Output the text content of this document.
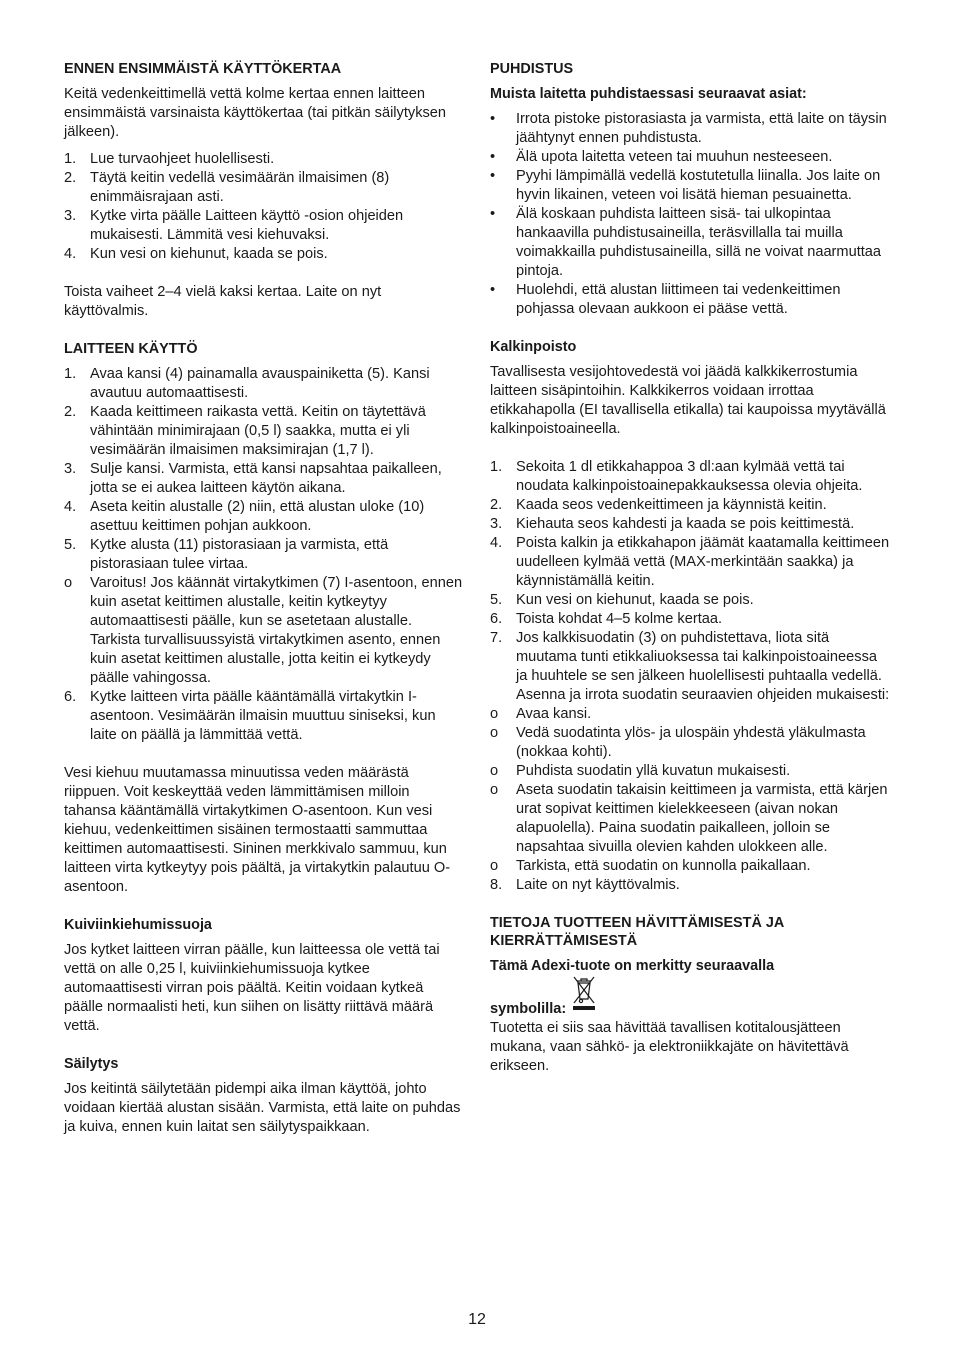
ENNEN ENSIMMÄISTÄ KÄYTTÖKERTAA

Keitä vedenkeittimellä vettä kolme kertaa ennen laitteen ensimmäistä varsinaista käyttökertaa (tai pitkän säilytyksen jälkeen).

1. Lue turvaohjeet huolellisesti.
2. Täytä keitin vedellä vesimäärän ilmaisimen (8) enimmäisrajaan asti.
3. Kytke virta päälle Laitteen käyttö -osion ohjeiden mukaisesti. Lämmitä vesi kiehuvaksi.
4. Kun vesi on kiehunut, kaada se pois.

Toista vaiheet 2–4 vielä kaksi kertaa. Laite on nyt käyttövalmis.

LAITTEEN KÄYTTÖ
1. Avaa kansi (4) painamalla avauspainiketta (5). Kansi avautuu automaattisesti.
2. Kaada keittimeen raikasta vettä. Keitin on täytettävä vähintään minimirajaan (0,5 l) saakka, mutta ei yli vesimäärän ilmaisimen maksimirajan (1,7 l).
3. Sulje kansi. Varmista, että kansi napsahtaa paikalleen, jotta se ei aukea laitteen käytön aikana.
4. Aseta keitin alustalle (2) niin, että alustan uloke (10) asettuu keittimen pohjan aukkoon.
5. Kytke alusta (11) pistorasiaan ja varmista, että pistorasiaan tulee virtaa.
o	Varoitus! Jos käännät virtakytkimen (7) I-asentoon, ennen kuin asetat keittimen alustalle, keitin kytkeytyy automaattisesti päälle, kun se asetetaan alustalle. Tarkista turvallisuussyistä virtakytkimen asento, ennen kuin asetat keittimen alustalle, jotta keitin ei kytkeydy päälle vahingossa.
6. Kytke laitteen virta päälle kääntämällä virtakytkin I-asentoon. Vesimäärän ilmaisin muuttuu siniseksi, kun laite on päällä ja lämmittää vettä.

Vesi kiehuu muutamassa minuutissa veden määrästä riippuen. Voit keskeyttää veden lämmittämisen milloin tahansa kääntämällä virtakytkimen O-asentoon. Kun vesi kiehuu, vedenkeittimen sisäinen termostaatti sammuttaa keittimen automaattisesti. Sininen merkkivalo sammuu, kun laitteen virta kytkeytyy pois päältä, ja virtakytkin palautuu O-asentoon.

Kuiviinkiehumissuoja

Jos kytket laitteen virran päälle, kun laitteessa ole vettä tai vettä on alle 0,25 l, kuiviinkiehumissuoja kytkee automaattisesti virran pois päältä. Keitin voidaan kytkeä päälle normaalisti heti, kun siihen on lisätty riittävä määrä vettä.

Säilytys

Jos keitintä säilytetään pidempi aika ilman käyttöä, johto voidaan kiertää alustan sisään. Varmista, että laite on puhdas ja kuiva, ennen kuin laitat sen säilytyspaikkaan.

PUHDISTUS
Muista laitetta puhdistaessasi seuraavat asiat:
•	Irrota pistoke pistorasiasta ja varmista, että laite on täysin jäähtynyt ennen puhdistusta.
•	Älä upota laitetta veteen tai muuhun nesteeseen.
•	Pyyhi lämpimällä vedellä kostutetulla liinalla. Jos laite on hyvin likainen, veteen voi lisätä hieman pesuainetta.
•	Älä koskaan puhdista laitteen sisä- tai ulkopintaa hankaavilla puhdistusaineilla, teräsvillalla tai muilla voimakkailla puhdistusaineilla, sillä ne voivat naarmuttaa pintoja.
•	Huolehdi, että alustan liittimeen tai vedenkeittimen pohjassa olevaan aukkoon ei pääse vettä.
Kalkinpoisto

Tavallisesta vesijohtovedestä voi jäädä kalkkikerrostumia laitteen sisäpintoihin. Kalkkikerros voidaan irrottaa etikkahapolla (EI tavallisella etikalla) tai kaupoissa myytävällä kalkinpoistoaineella.

1. Sekoita 1 dl etikkahappoa 3 dl:aan kylmää vettä tai noudata kalkinpoistoainepakkauksessa olevia ohjeita.
2. Kaada seos vedenkeittimeen ja käynnistä keitin.
3. Kiehauta seos kahdesti ja kaada se pois keittimestä.
4. Poista kalkin ja etikkahapon jäämät kaatamalla keittimeen uudelleen kylmää vettä (MAX-merkintään saakka) ja käynnistämällä keitin.
5. Kun vesi on kiehunut, kaada se pois.
6. Toista kohdat 4–5 kolme kertaa.
7. Jos kalkkisuodatin (3) on puhdistettava, liota sitä muutama tunti etikkaliuoksessa tai kalkinpoistoaineessa ja huuhtele se sen jälkeen huolellisesti puhtaalla vedellä. Asenna ja irrota suodatin seuraavien ohjeiden mukaisesti:
o	Avaa kansi.
o	Vedä suodatinta ylös- ja ulospäin yhdestä yläkulmasta (nokkaa kohti).
o	Puhdista suodatin yllä kuvatun mukaisesti.
o	Aseta suodatin takaisin keittimeen ja varmista, että kärjen urat sopivat keittimen kielekkeeseen (aivan nokan alapuolella). Paina suodatin paikalleen, jolloin se napsahtaa sivuilla olevien kahden ulokkeen alle.
o	Tarkista, että suodatin on kunnolla paikallaan.
8. Laite on nyt käyttövalmis.
TIETOJA TUOTTEEN HÄVITTÄMISESTÄ JA KIERRÄTTÄMISESTÄ
Tämä Adexi-tuote on merkitty seuraavalla
symbolilla:

Tuotetta ei siis saa hävittää tavallisen kotitalousjätteen mukana, vaan sähkö- ja elektroniikkajäte on hävitettävä erikseen.

12
